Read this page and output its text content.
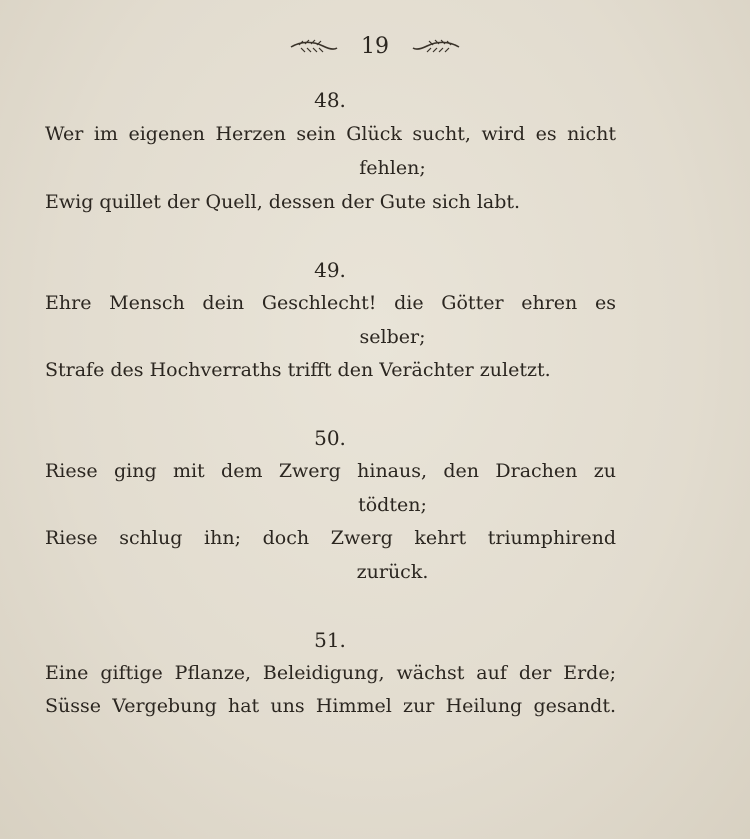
19
48.
Wer im eigenen Herzen sein Glück sucht, wird es nicht
fehlen;
Ewig quillet der Quell, dessen der Gute sich labt.
49.
Ehre Mensch dein Geschlecht! die Götter ehren es
selber;
Strafe des Hochverraths trifft den Verächter zuletzt.
50.
Riese ging mit dem Zwerg hinaus, den Drachen zu
tödten;
Riese schlug ihn; doch Zwerg kehrt triumphirend
zurück.
51.
Eine giftige Pflanze, Beleidigung, wächst auf der Erde;
Süsse Vergebung hat uns Himmel zur Heilung gesandt.
